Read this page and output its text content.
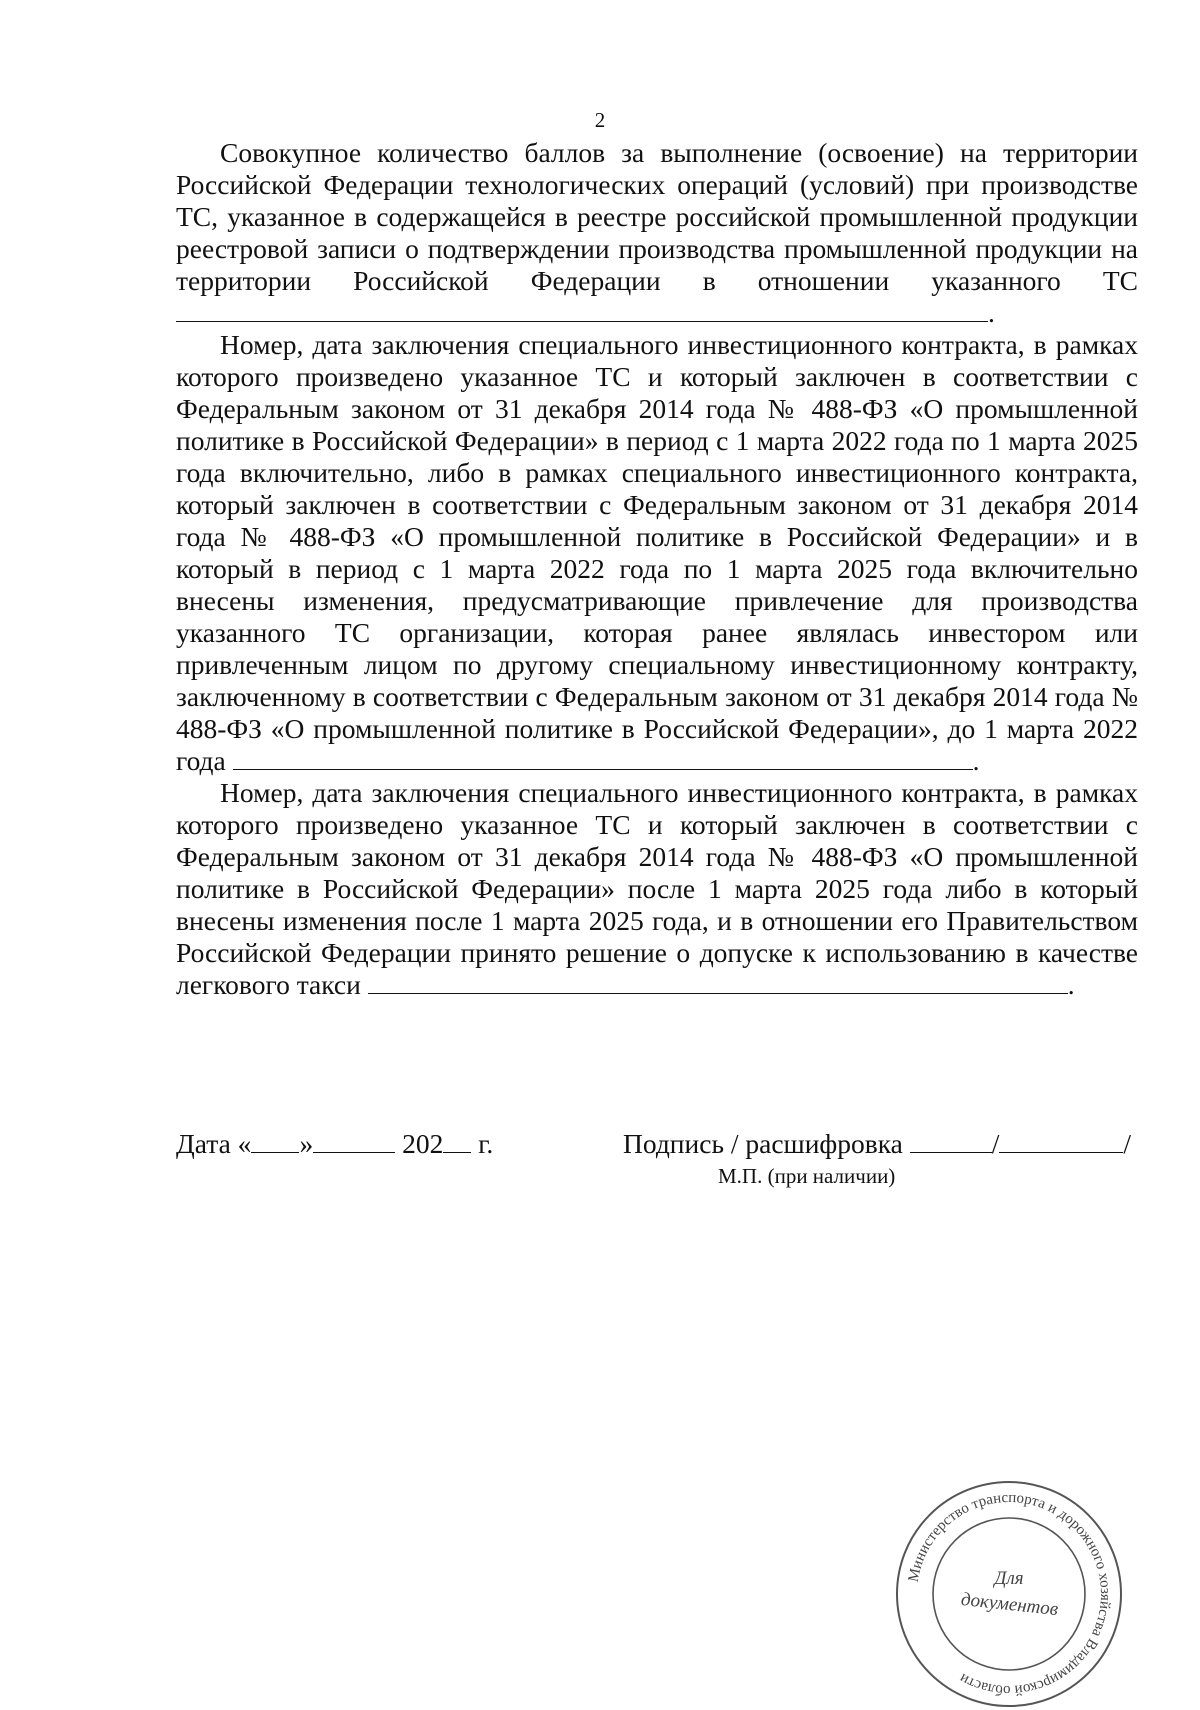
2

Совокупное количество баллов за выполнение (освоение) на территории Российской Федерации технологических операций (условий) при производстве ТС, указанное в содержащейся в реестре российской промышленной продукции реестровой записи о подтверждении производства промышленной продукции на территории Российской Федерации в отношении указанного ТС.

Номер, дата заключения специального инвестиционного контракта, в рамках которого произведено указанное ТС и который заключен в соответствии с Федеральным законом от 31 декабря 2014 года № 488-ФЗ «О промышленной политике в Российской Федерации» в период с 1 марта 2022 года по 1 марта 2025 года включительно, либо в рамках специального инвестиционного контракта, который заключен в соответствии с Федеральным законом от 31 декабря 2014 года № 488-ФЗ «О промышленной политике в Российской Федерации» и в который в период с 1 марта 2022 года по 1 марта 2025 года включительно внесены изменения, предусматривающие привлечение для производства указанного ТС организации, которая ранее являлась инвестором или привлеченным лицом по другому специальному инвестиционному контракту, заключенному в соответствии с Федеральным законом от 31 декабря 2014 года № 488-ФЗ «О промышленной политике в Российской Федерации», до 1 марта 2022 года	.

Номер, дата заключения специального инвестиционного контракта, в рамках которого произведено указанное ТС и который заключен в соответствии с Федеральным законом от 31 декабря 2014 года № 488-ФЗ «О промышленной политике в Российской Федерации» после 1 марта 2025 года либо в который внесены изменения после 1 марта 2025 года, и в отношении его Правительством Российской Федерации принято решение о допуске к использованию в качестве легкового такси	.

Дата « »	202 г.	Подпись / расшифровка	/	/
М.П. (при наличии)
Министерство транспорта и дорожного хозяйства Владимирской области
Для
документов
